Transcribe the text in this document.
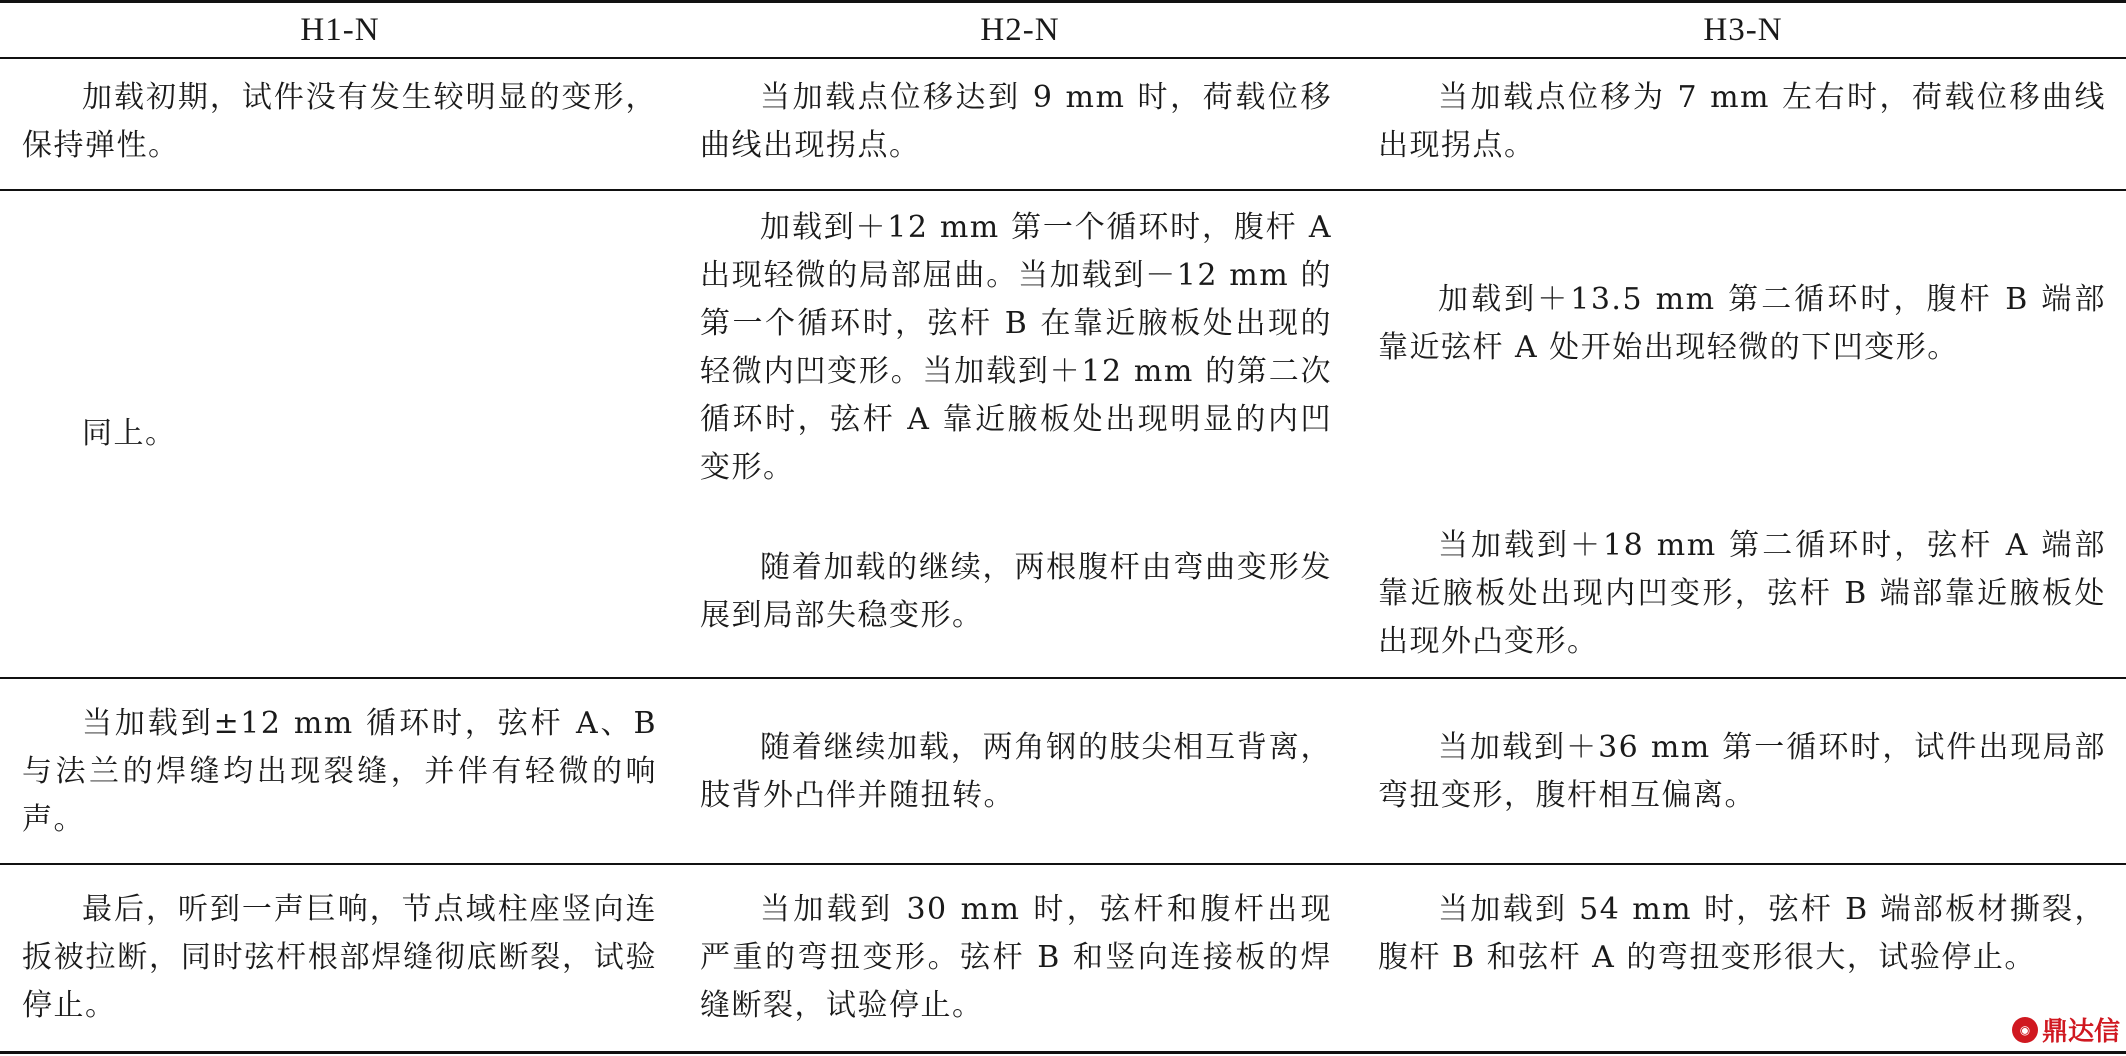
H1-N	H2-N	H3-N
加载初期，试件没有发生较明显的变形，保持弹性。
当加载点位移达到 9 mm 时，荷载位移曲线出现拐点。
当加载点位移为 7 mm 左右时，荷载位移曲线出现拐点。
同上。
加载到＋12 mm 第一个循环时，腹杆 A 出现轻微的局部屈曲。当加载到－12 mm 的第一个循环时，弦杆 B 在靠近腋板处出现的轻微内凹变形。当加载到＋12 mm 的第二次循环时，弦杆 A 靠近腋板处出现明显的内凹变形。
随着加载的继续，两根腹杆由弯曲变形发展到局部失稳变形。
加载到＋13.5 mm 第二循环时，腹杆 B 端部靠近弦杆 A 处开始出现轻微的下凹变形。
当加载到＋18 mm 第二循环时，弦杆 A 端部靠近腋板处出现内凹变形，弦杆 B 端部靠近腋板处出现外凸变形。
当加载到±12 mm 循环时，弦杆 A、B 与法兰的焊缝均出现裂缝，并伴有轻微的响声。
随着继续加载，两角钢的肢尖相互背离，肢背外凸伴并随扭转。
当加载到＋36 mm 第一循环时，试件出现局部弯扭变形，腹杆相互偏离。
最后，听到一声巨响，节点域柱座竖向连扳被拉断，同时弦杆根部焊缝彻底断裂，试验停止。
当加载到 30 mm 时，弦杆和腹杆出现严重的弯扭变形。弦杆 B 和竖向连接板的焊缝断裂，试验停止。
当加载到 54 mm 时，弦杆 B 端部板材撕裂，腹杆 B 和弦杆 A 的弯扭变形很大，试验停止。
◉ 鼎达信
